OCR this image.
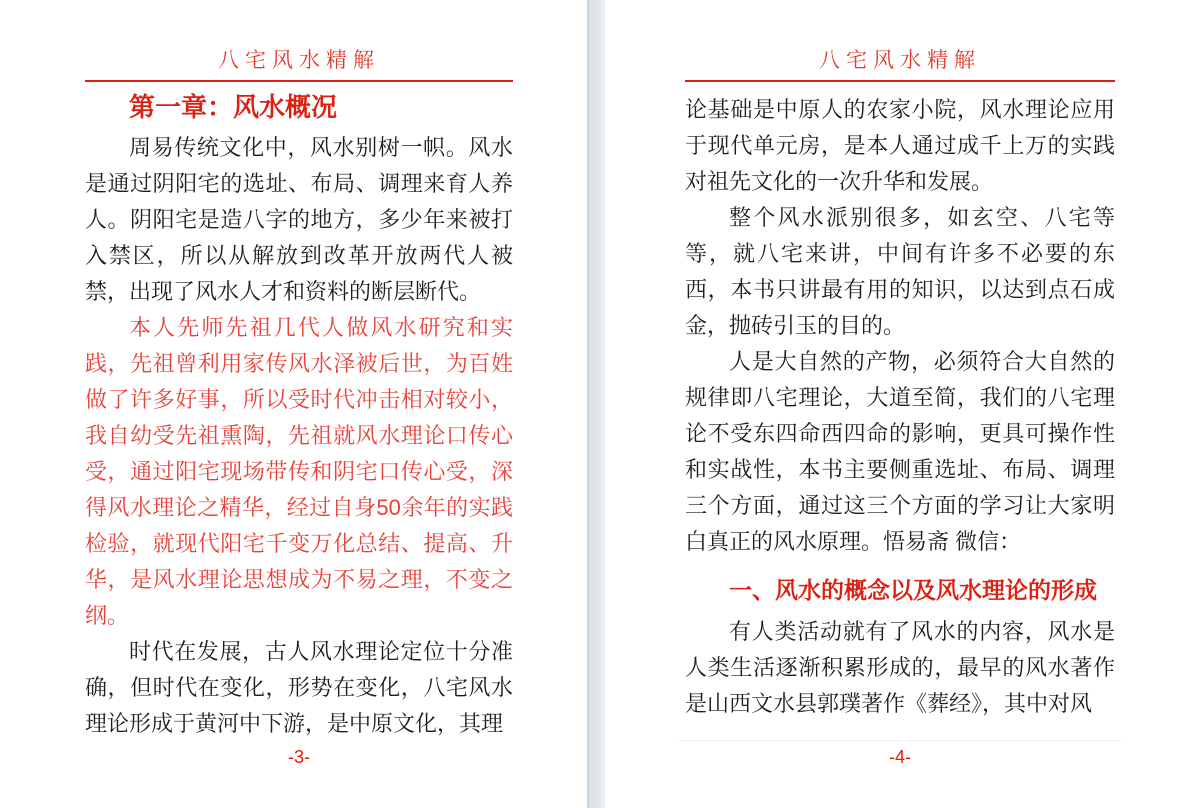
八宅风水精解
第一章：风水概况

周易传统文化中，风水别树一帜。风水是通过阴阳宅的选址、布局、调理来育人养人。阴阳宅是造八字的地方，多少年来被打入禁区，所以从解放到改革开放两代人被禁，出现了风水人才和资料的断层断代。

本人先师先祖几代人做风水研究和实践，先祖曾利用家传风水泽被后世，为百姓做了许多好事，所以受时代冲击相对较小，我自幼受先祖熏陶，先祖就风水理论口传心受，通过阳宅现场带传和阴宅口传心受，深得风水理论之精华，经过自身50余年的实践检验，就现代阳宅千变万化总结、提高、升华，是风水理论思想成为不易之理，不变之纲。

时代在发展，古人风水理论定位十分准确，但时代在变化，形势在变化，八宅风水理论形成于黄河中下游，是中原文化，其理

-3-
八宅风水精解

论基础是中原人的农家小院，风水理论应用于现代单元房，是本人通过成千上万的实践对祖先文化的一次升华和发展。

整个风水派别很多，如玄空、八宅等等，就八宅来讲，中间有许多不必要的东西，本书只讲最有用的知识，以达到点石成金，抛砖引玉的目的。

人是大自然的产物，必须符合大自然的规律即八宅理论，大道至简，我们的八宅理论不受东四命西四命的影响，更具可操作性和实战性，本书主要侧重选址、布局、调理三个方面，通过这三个方面的学习让大家明白真正的风水原理。悟易斋 微信：

一、风水的概念以及风水理论的形成

有人类活动就有了风水的内容，风水是人类生活逐渐积累形成的，最早的风水著作是山西文水县郭璞著作《葬经》，其中对风

-4-
